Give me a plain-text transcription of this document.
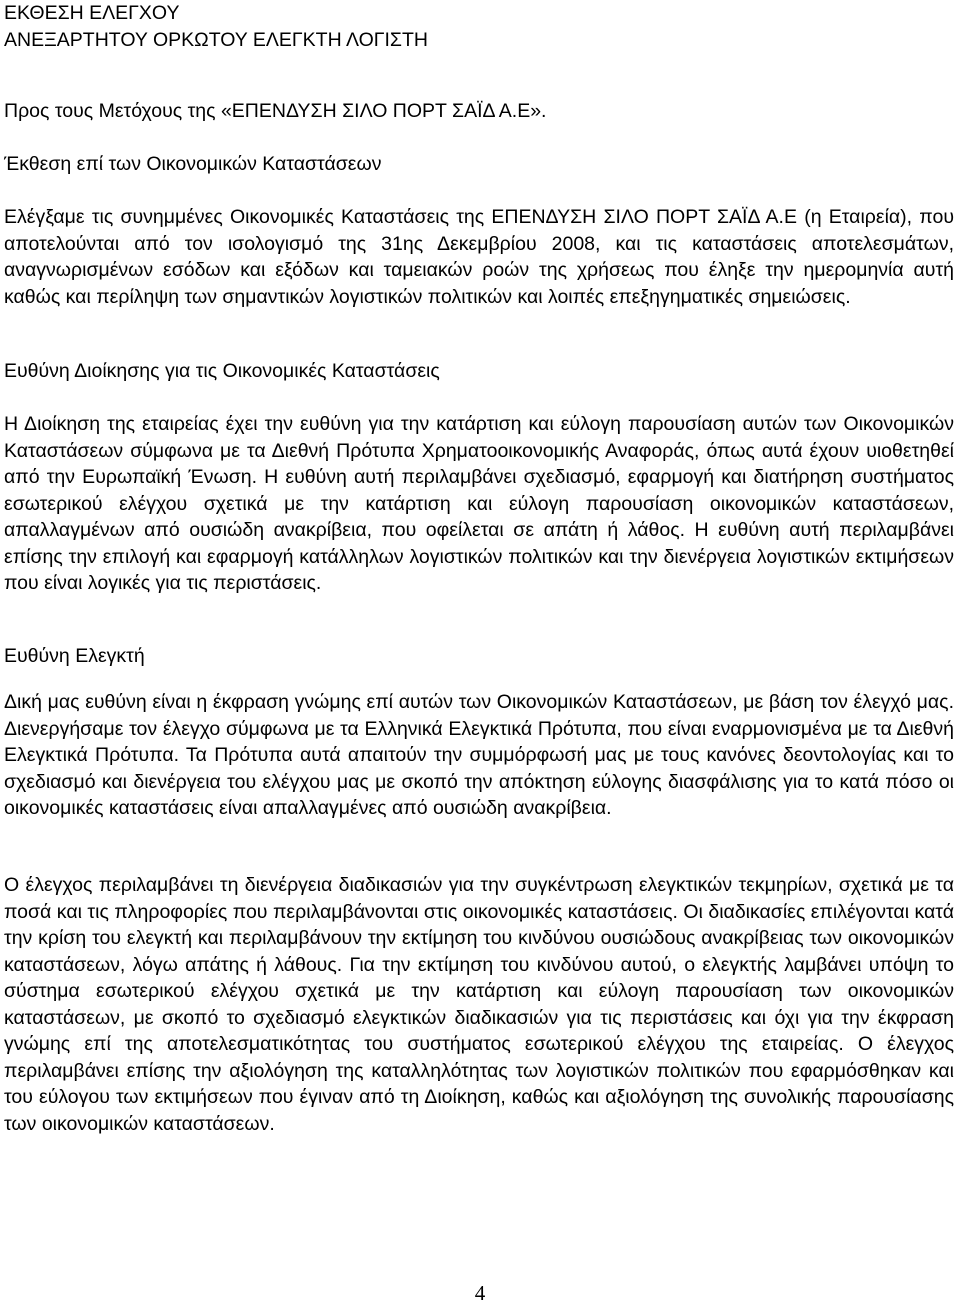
ΕΚΘΕΣΗ ΕΛΕΓΧΟΥ
ΑΝΕΞΑΡΤΗΤΟΥ ΟΡΚΩΤΟΥ ΕΛΕΓΚΤΗ ΛΟΓΙΣΤΗ
Προς τους Μετόχους της «ΕΠΕΝΔΥΣΗ ΣΙΛΟ ΠΟΡΤ ΣΑΪΔ Α.Ε».
Έκθεση επί των Οικονομικών Καταστάσεων
Ελέγξαμε τις συνημμένες Οικονομικές Καταστάσεις της ΕΠΕΝΔΥΣΗ ΣΙΛΟ ΠΟΡΤ ΣΑΪΔ Α.Ε (η Εταιρεία), που αποτελούνται από τον ισολογισμό της 31ης Δεκεμβρίου 2008, και τις καταστάσεις αποτελεσμάτων, αναγνωρισμένων εσόδων και εξόδων και ταμειακών ροών της χρήσεως που έληξε την ημερομηνία αυτή καθώς και περίληψη των σημαντικών λογιστικών πολιτικών και λοιπές επεξηγηματικές σημειώσεις.
Ευθύνη Διοίκησης για τις Οικονομικές Καταστάσεις
Η Διοίκηση της εταιρείας έχει την ευθύνη για την κατάρτιση και εύλογη παρουσίαση αυτών των Οικονομικών Καταστάσεων σύμφωνα με τα Διεθνή Πρότυπα Χρηματοοικονομικής Αναφοράς, όπως αυτά έχουν υιοθετηθεί από την Ευρωπαϊκή Ένωση. Η ευθύνη αυτή περιλαμβάνει σχεδιασμό, εφαρμογή και διατήρηση συστήματος εσωτερικού ελέγχου σχετικά με την κατάρτιση και εύλογη παρουσίαση οικονομικών καταστάσεων, απαλλαγμένων από ουσιώδη ανακρίβεια, που οφείλεται σε απάτη ή λάθος. Η ευθύνη αυτή περιλαμβάνει επίσης την επιλογή και εφαρμογή κατάλληλων λογιστικών πολιτικών και την διενέργεια λογιστικών εκτιμήσεων που είναι λογικές για τις περιστάσεις.
Ευθύνη Ελεγκτή
Δική μας ευθύνη είναι η έκφραση γνώμης επί αυτών των Οικονομικών Καταστάσεων, με βάση τον έλεγχό μας. Διενεργήσαμε τον έλεγχο σύμφωνα με τα Ελληνικά Ελεγκτικά Πρότυπα, που είναι εναρμονισμένα με τα Διεθνή Ελεγκτικά Πρότυπα. Τα Πρότυπα αυτά απαιτούν την συμμόρφωσή μας με τους κανόνες δεοντολογίας και το σχεδιασμό και διενέργεια του ελέγχου μας με σκοπό την απόκτηση εύλογης διασφάλισης για το κατά πόσο οι οικονομικές καταστάσεις είναι απαλλαγμένες από ουσιώδη ανακρίβεια.
Ο έλεγχος περιλαμβάνει τη διενέργεια διαδικασιών για την συγκέντρωση ελεγκτικών τεκμηρίων, σχετικά με τα ποσά και τις πληροφορίες που περιλαμβάνονται στις οικονομικές καταστάσεις. Οι διαδικασίες επιλέγονται κατά την κρίση του ελεγκτή και περιλαμβάνουν την εκτίμηση του κινδύνου ουσιώδους ανακρίβειας των οικονομικών καταστάσεων, λόγω απάτης ή λάθους. Για την εκτίμηση του κινδύνου αυτού, ο ελεγκτής λαμβάνει υπόψη το σύστημα εσωτερικού ελέγχου σχετικά με την κατάρτιση και εύλογη παρουσίαση των οικονομικών καταστάσεων, με σκοπό το σχεδιασμό ελεγκτικών διαδικασιών για τις περιστάσεις και όχι για την έκφραση γνώμης επί της αποτελεσματικότητας του συστήματος εσωτερικού ελέγχου της εταιρείας. Ο έλεγχος περιλαμβάνει επίσης την αξιολόγηση της καταλληλότητας των λογιστικών πολιτικών που εφαρμόσθηκαν και του εύλογου των εκτιμήσεων που έγιναν από τη Διοίκηση, καθώς και αξιολόγηση της συνολικής παρουσίασης των οικονομικών καταστάσεων.
4
